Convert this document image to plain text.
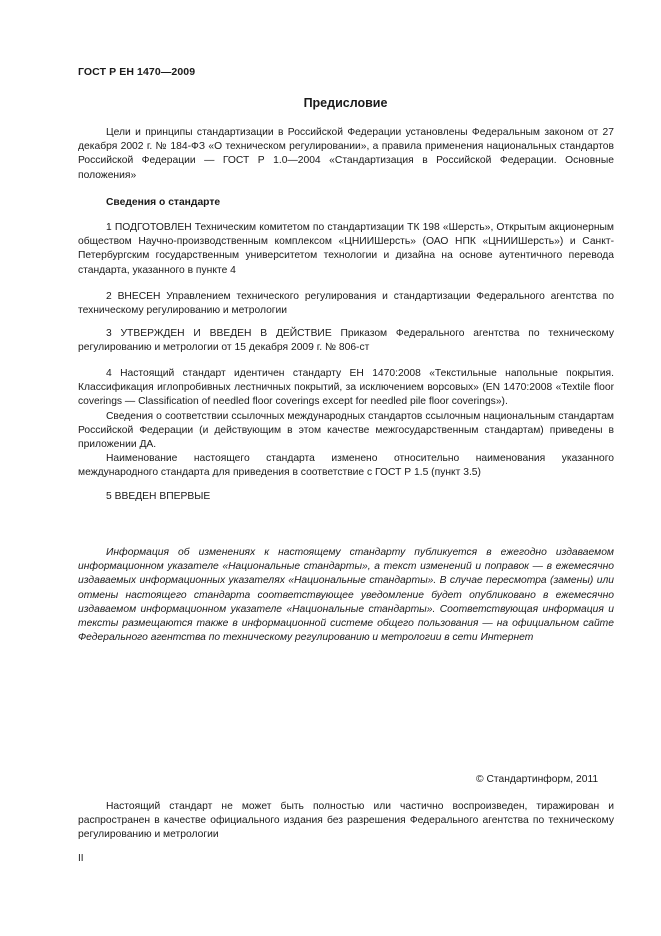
ГОСТ Р ЕН 1470—2009
Предисловие

Цели и принципы стандартизации в Российской Федерации установлены Федеральным законом от 27 декабря 2002 г. № 184-ФЗ «О техническом регулировании», а правила применения национальных стандартов Российской Федерации — ГОСТ Р 1.0—2004 «Стандартизация в Российской Федерации. Основные положения»

Сведения о стандарте

1 ПОДГОТОВЛЕН Техническим комитетом по стандартизации ТК 198 «Шерсть», Открытым акционерным обществом Научно-производственным комплексом «ЦНИИШерсть» (ОАО НПК «ЦНИИШерсть») и Санкт-Петербургским государственным университетом технологии и дизайна на основе аутентичного перевода стандарта, указанного в пункте 4

2 ВНЕСЕН Управлением технического регулирования и стандартизации Федерального агентства по техническому регулированию и метрологии

3 УТВЕРЖДЕН И ВВЕДЕН В ДЕЙСТВИЕ Приказом Федерального агентства по техническому регулированию и метрологии от 15 декабря 2009 г. № 806-ст

4 Настоящий стандарт идентичен стандарту ЕН 1470:2008 «Текстильные напольные покрытия. Классификация иглопробивных лестничных покрытий, за исключением ворсовых» (EN 1470:2008 «Textile floor coverings — Classification of needled floor coverings except for needled pile floor coverings»).

Сведения о соответствии ссылочных международных стандартов ссылочным национальным стандартам Российской Федерации (и действующим в этом качестве межгосударственным стандартам) приведены в приложении ДА.

Наименование настоящего стандарта изменено относительно наименования указанного международного стандарта для приведения в соответствие с ГОСТ Р 1.5 (пункт 3.5)

5 ВВЕДЕН ВПЕРВЫЕ

Информация об изменениях к настоящему стандарту публикуется в ежегодно издаваемом информационном указателе «Национальные стандарты», а текст изменений и поправок — в ежемесячно издаваемых информационных указателях «Национальные стандарты». В случае пересмотра (замены) или отмены настоящего стандарта соответствующее уведомление будет опубликовано в ежемесячно издаваемом информационном указателе «Национальные стандарты». Соответствующая информация и тексты размещаются также в информационной системе общего пользования — на официальном сайте Федерального агентства по техническому регулированию и метрологии в сети Интернет

© Стандартинформ, 2011

Настоящий стандарт не может быть полностью или частично воспроизведен, тиражирован и распространен в качестве официального издания без разрешения Федерального агентства по техническому регулированию и метрологии

II
